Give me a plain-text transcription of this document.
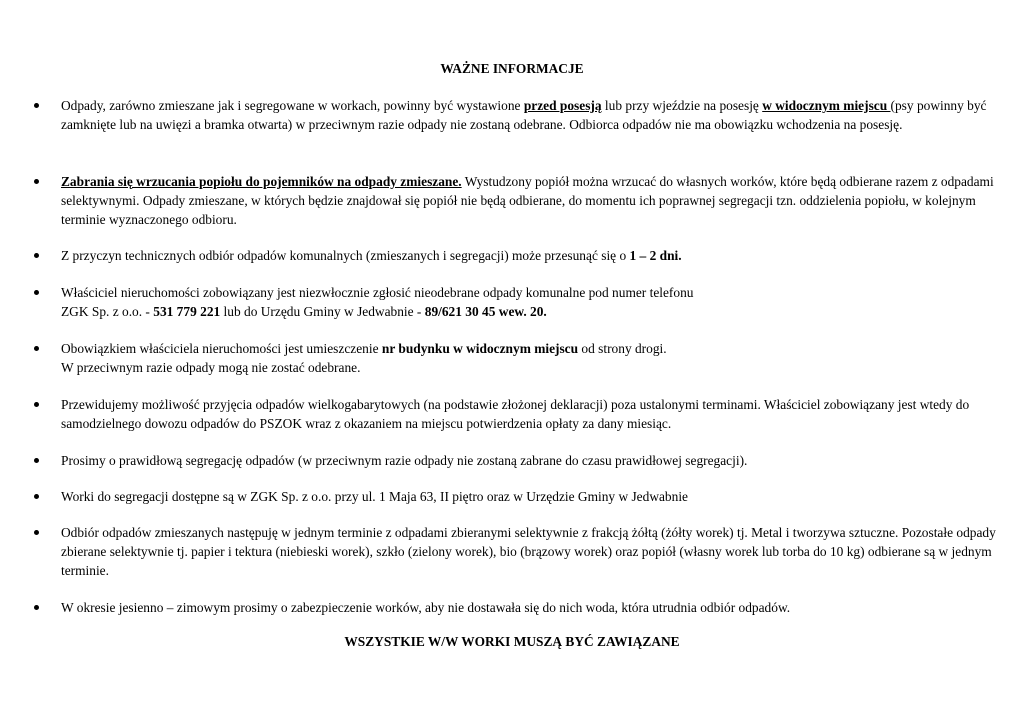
WAŻNE INFORMACJE
Odpady, zarówno zmieszane jak i segregowane w workach, powinny być wystawione przed posesją lub przy wjeździe na posesję w widocznym miejscu (psy powinny być zamknięte lub na uwięzi a bramka otwarta) w przeciwnym razie odpady nie zostaną odebrane. Odbiorca odpadów nie ma obowiązku wchodzenia na posesję.
Zabrania się wrzucania popiołu do pojemników na odpady zmieszane. Wystudzony popiół można wrzucać do własnych worków, które będą odbierane razem z odpadami selektywnymi. Odpady zmieszane, w których będzie znajdował się popiół nie będą odbierane, do momentu ich poprawnej segregacji tzn. oddzielenia popiołu, w kolejnym terminie wyznaczonego odbioru.
Z przyczyn technicznych odbiór odpadów komunalnych (zmieszanych i segregacji) może przesunąć się o 1 – 2 dni.
Właściciel nieruchomości zobowiązany jest niezwłocznie zgłosić nieodebrane odpady komunalne pod numer telefonu
ZGK Sp. z o.o. - 531 779 221 lub do Urzędu Gminy w Jedwabnie - 89/621 30 45 wew. 20.
Obowiązkiem właściciela nieruchomości jest umieszczenie nr budynku w widocznym miejscu od strony drogi.
W przeciwnym razie odpady mogą nie zostać odebrane.
Przewidujemy możliwość przyjęcia odpadów wielkogabarytowych (na podstawie złożonej deklaracji) poza ustalonymi terminami. Właściciel zobowiązany jest wtedy do samodzielnego dowozu odpadów do PSZOK wraz z okazaniem na miejscu potwierdzenia opłaty za dany miesiąc.
Prosimy o prawidłową segregację odpadów (w przeciwnym razie odpady nie zostaną zabrane do czasu prawidłowej segregacji).
Worki do segregacji dostępne są w ZGK Sp. z o.o. przy ul. 1 Maja 63, II piętro oraz w Urzędzie Gminy w Jedwabnie
Odbiór odpadów zmieszanych następuję w jednym terminie z odpadami zbieranymi selektywnie z frakcją żółtą (żółty worek) tj. Metal i tworzywa sztuczne. Pozostałe odpady zbierane selektywnie tj. papier i tektura (niebieski worek), szkło (zielony worek), bio (brązowy worek) oraz popiół (własny worek lub torba do 10 kg) odbierane są w jednym terminie.
W okresie jesienno – zimowym prosimy o zabezpieczenie worków, aby nie dostawała się do nich woda, która utrudnia odbiór odpadów.
WSZYSTKIE W/W WORKI MUSZĄ BYĆ ZAWIĄZANE
